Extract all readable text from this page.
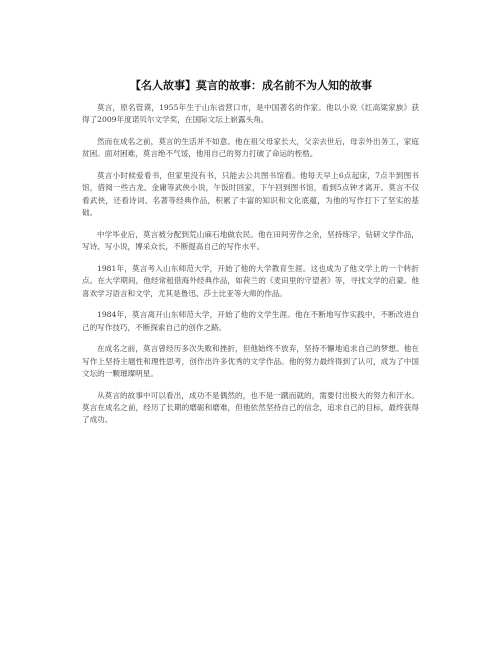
【名人故事】莫言的故事：成名前不为人知的故事

莫言，原名管谟，1955年生于山东省营口市，是中国著名的作家。他以小说《红高粱家族》获得了2009年度诺贝尔文学奖，在国际文坛上崭露头角。

然而在成名之前，莫言的生活并不如意。他在祖父母家长大，父亲去世后，母亲外出务工，家庭贫困。面对困难，莫言绝不气馁，他用自己的努力打破了命运的桎梏。

莫言小时候爱看书，但家里没有书，只能去公共图书馆看。他每天早上6点起床，7点半到图书馆，借阅一些古龙、金庸等武侠小说，午饭时回家，下午回到图书馆，看到5点钟才离开。莫言不仅看武侠，还看诗词、名著等经典作品，积累了丰富的知识和文化底蕴，为他的写作打下了坚实的基础。

中学毕业后，莫言被分配到荒山麻石地做农民。他在田间劳作之余，坚持练字，钻研文学作品，写诗、写小说，博采众长，不断提高自己的写作水平。

1981年，莫言考入山东师范大学，开始了他的大学教育生涯。这也成为了他文学上的一个转折点。在大学期间，他经常租借海外经典作品，如荷兰的《麦田里的守望者》等，寻找文学的启蒙。他喜欢学习语言和文学，尤其是鲁迅、莎士比亚等大师的作品。

1984年，莫言离开山东师范大学，开始了他的文学生涯。他在不断地写作实践中，不断改进自己的写作技巧，不断探索自己的创作之路。

在成名之前，莫言曾经历多次失败和挫折，但他始终不放弃，坚持不懈地追求自己的梦想。他在写作上坚持主题性和理性思考，创作出许多优秀的文学作品。他的努力最终得到了认可，成为了中国文坛的一颗璀璨明星。

从莫言的故事中可以看出，成功不是偶然的，也不是一蹴而就的，需要付出极大的努力和汗水。莫言在成名之前，经历了长期的磨砺和磨难，但他依然坚持自己的信念，追求自己的目标，最终获得了成功。
